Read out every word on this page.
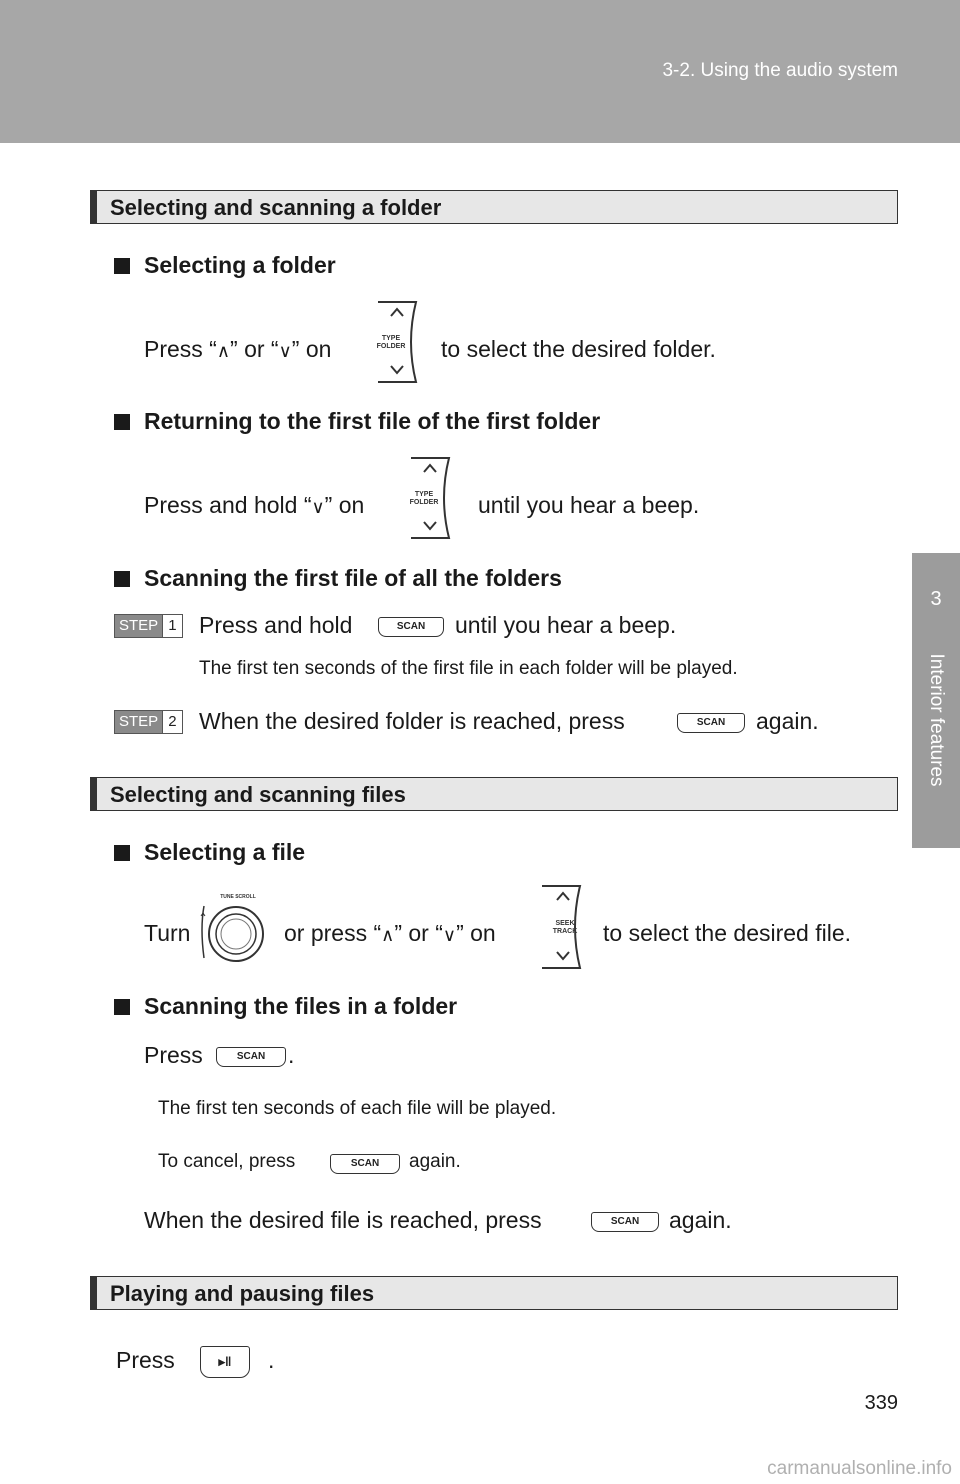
3-2. Using the audio system
3
Interior features
Selecting and scanning a folder
Selecting a folder
Press “∧” or “∨” on	TYPE
FOLDER to select the desired folder.
Returning to the first file of the first folder
Press and hold “∨” on	TYPE
FOLDER until you hear a beep.
Scanning the first file of all the folders
STEP 1 Press and hold	SCAN	until you hear a beep.
The first ten seconds of the first file in each folder will be played.
STEP 2 When the desired folder is reached, press	SCAN	again.
Selecting and scanning files
Selecting a file
Turn
TUNE SCROLL
or press “∧” or “∨” on	SEEK
TRACK to select the desired file.
Scanning the files in a folder
Press	SCAN .
The first ten seconds of each file will be played.
To cancel, press	SCAN	again.
When the desired file is reached, press	SCAN	again.
Playing and pausing files
Press	▸‖	.
339
carmanualsonline.info
